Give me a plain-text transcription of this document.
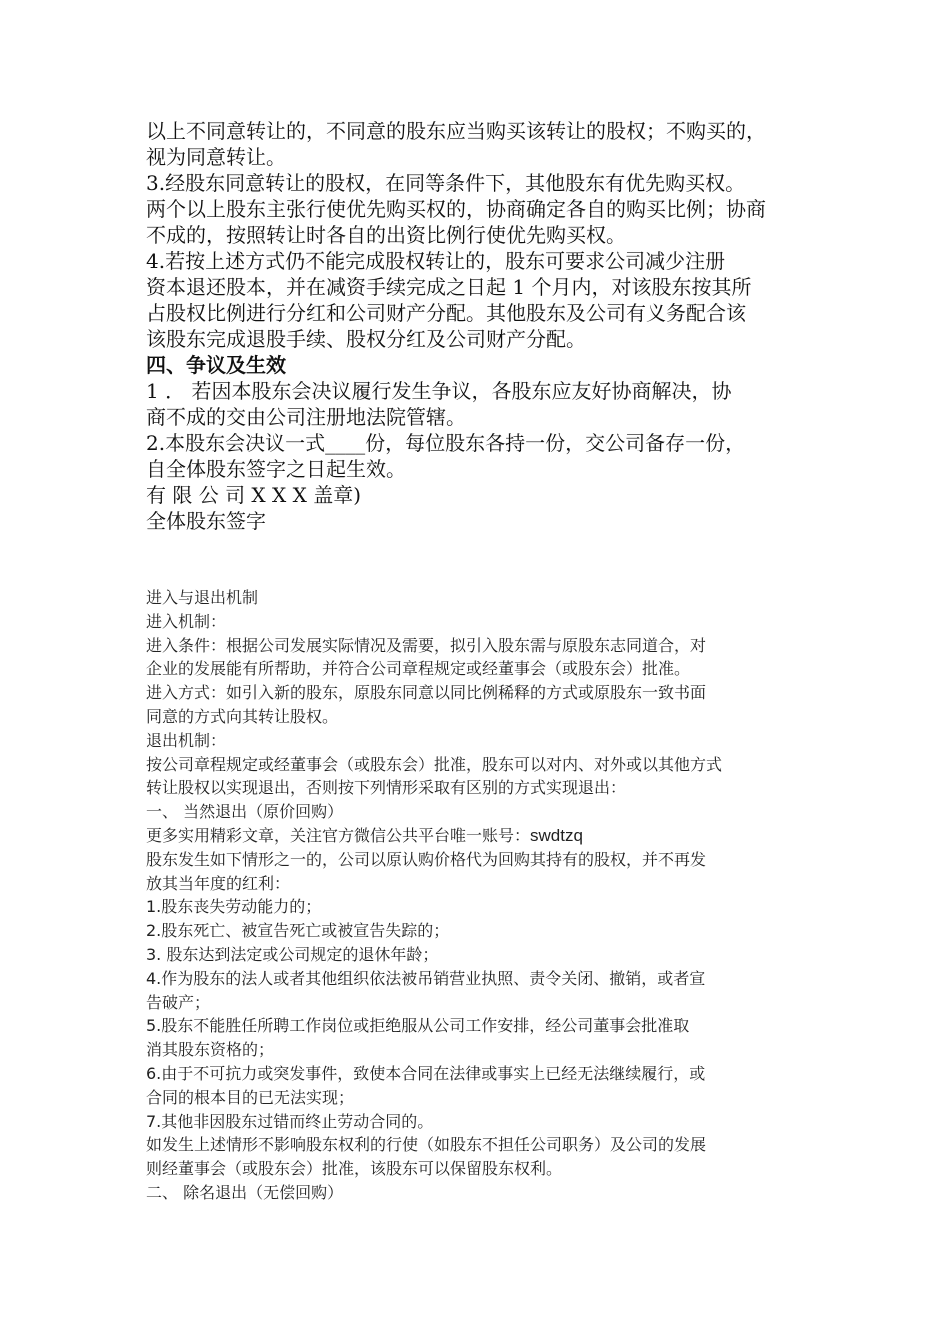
以上不同意转让的，不同意的股东应当购买该转让的股权；不购买的，
视为同意转让。
3.经股东同意转让的股权，在同等条件下，其他股东有优先购买权。
两个以上股东主张行使优先购买权的，协商确定各自的购买比例；协商
不成的，按照转让时各自的出资比例行使优先购买权。
4.若按上述方式仍不能完成股权转让的，股东可要求公司减少注册
资本退还股本，并在减资手续完成之日起 1 个月内，对该股东按其所
占股权比例进行分红和公司财产分配。其他股东及公司有义务配合该
该股东完成退股手续、股权分红及公司财产分配。
四、争议及生效
1 ． 若因本股东会决议履行发生争议，各股东应友好协商解决，协
商不成的交由公司注册地法院管辖。
2.本股东会决议一式____份，每位股东各持一份，交公司备存一份，
自全体股东签字之日起生效。
有 限 公 司 X X X 盖章)
全体股东签字
进入与退出机制
进入机制：
进入条件：根据公司发展实际情况及需要，拟引入股东需与原股东志同道合，对
企业的发展能有所帮助，并符合公司章程规定或经董事会（或股东会）批准。
进入方式：如引入新的股东，原股东同意以同比例稀释的方式或原股东一致书面
同意的方式向其转让股权。
退出机制：
按公司章程规定或经董事会（或股东会）批准，股东可以对内、对外或以其他方式
转让股权以实现退出，否则按下列情形采取有区别的方式实现退出：
一、 当然退出（原价回购）
更多实用精彩文章，关注官方微信公共平台唯一账号：swdtzq
股东发生如下情形之一的，公司以原认购价格代为回购其持有的股权，并不再发
放其当年度的红利：
1.股东丧失劳动能力的；
2.股东死亡、被宣告死亡或被宣告失踪的；
3. 股东达到法定或公司规定的退休年龄；
4.作为股东的法人或者其他组织依法被吊销营业执照、责令关闭、撤销，或者宣
告破产；
5.股东不能胜任所聘工作岗位或拒绝服从公司工作安排，经公司董事会批准取
消其股东资格的；
6.由于不可抗力或突发事件，致使本合同在法律或事实上已经无法继续履行，或
合同的根本目的已无法实现；
7.其他非因股东过错而终止劳动合同的。
如发生上述情形不影响股东权利的行使（如股东不担任公司职务）及公司的发展
则经董事会（或股东会）批准，该股东可以保留股东权利。
二、 除名退出（无偿回购）
